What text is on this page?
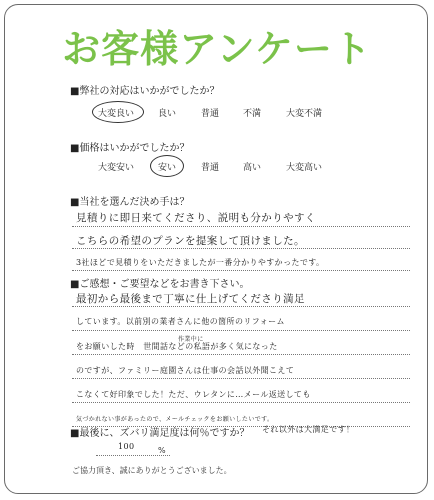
お客様アンケート
■弊社の対応はいかがでしたか？
大変良い	良い	普通	不満	大変不満
■価格はいかがでしたか？
大変安い	安い	普通	高い	大変高い
■当社を選んだ決め手は？
見積りに即日来てくださり、説明も分かりやすく
こちらの希望のプランを提案して頂けました。
3社ほどで見積りをいただきましたが一番分かりやすかったです。
■ご感想・ご要望などをお書き下さい。
最初から最後まで丁寧に仕上げてくださり満足
しています。以前別の業者さんに他の箇所のリフォーム
作業中に
をお願いした時　世間話などの私語が多く気になった
のですが、ファミリー庭園さんは仕事の会話以外聞こえて
こなくて好印象でした！ただ、ウレタンに…メール返送しても
気づかれない事があったので、メールチェックをお願いしたいです。
■最後に、ズバリ満足度は何％ですか？ それ以外は大満足です！
100	%
ご協力頂き、誠にありがとうございました。
